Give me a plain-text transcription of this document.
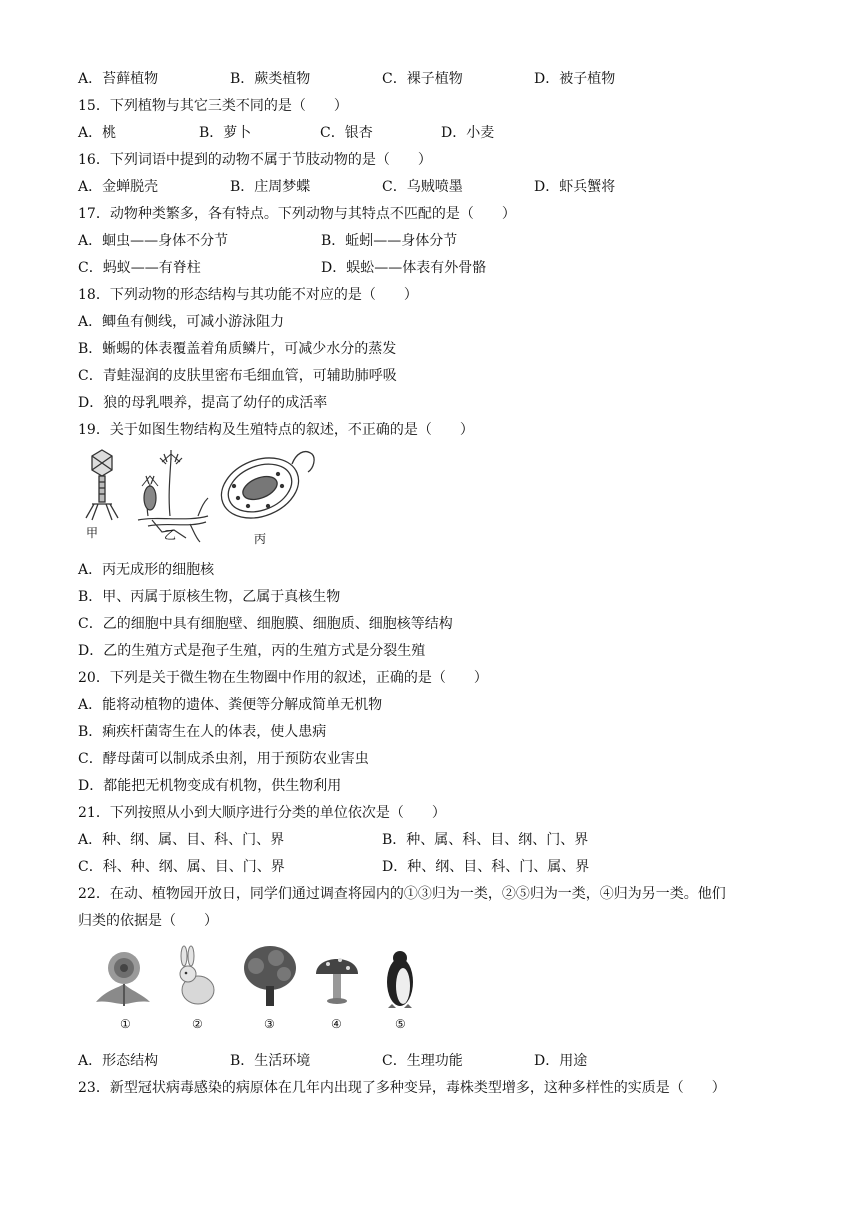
A．苔藓植物	B．蕨类植物	C．裸子植物	D．被子植物
15．下列植物与其它三类不同的是（　　）
A．桃	B．萝卜	C．银杏	D．小麦
16．下列词语中提到的动物不属于节肢动物的是（　　）
A．金蝉脱壳	B．庄周梦蝶	C．乌贼喷墨	D．虾兵蟹将
17．动物种类繁多，各有特点。下列动物与其特点不匹配的是（　　）
A．蛔虫——身体不分节	B．蚯蚓——身体分节
C．蚂蚁——有脊柱	D．蜈蚣——体表有外骨骼
18．下列动物的形态结构与其功能不对应的是（　　）
A．鲫鱼有侧线，可减小游泳阻力
B．蜥蜴的体表覆盖着角质鳞片，可减少水分的蒸发
C．青蛙湿润的皮肤里密布毛细血管，可辅助肺呼吸
D．狼的母乳喂养，提高了幼仔的成活率
19．关于如图生物结构及生殖特点的叙述，不正确的是（　　）
甲	乙	丙
A．丙无成形的细胞核
B．甲、丙属于原核生物，乙属于真核生物
C．乙的细胞中具有细胞壁、细胞膜、细胞质、细胞核等结构
D．乙的生殖方式是孢子生殖，丙的生殖方式是分裂生殖
20．下列是关于微生物在生物圈中作用的叙述，正确的是（　　）
A．能将动植物的遗体、粪便等分解成简单无机物
B．痢疾杆菌寄生在人的体表，使人患病
C．酵母菌可以制成杀虫剂，用于预防农业害虫
D．都能把无机物变成有机物，供生物利用
21．下列按照从小到大顺序进行分类的单位依次是（　　）
A．种、纲、属、目、科、门、界	B．种、属、科、目、纲、门、界
C．科、种、纲、属、目、门、界	D．种、纲、目、科、门、属、界
22．在动、植物园开放日，同学们通过调查将园内的①③归为一类，②⑤归为一类，④归为另一类。他们
归类的依据是（　　）
①	②	③	④	⑤
A．形态结构	B．生活环境	C．生理功能	D．用途
23．新型冠状病毒感染的病原体在几年内出现了多种变异，毒株类型增多，这种多样性的实质是（　　）
